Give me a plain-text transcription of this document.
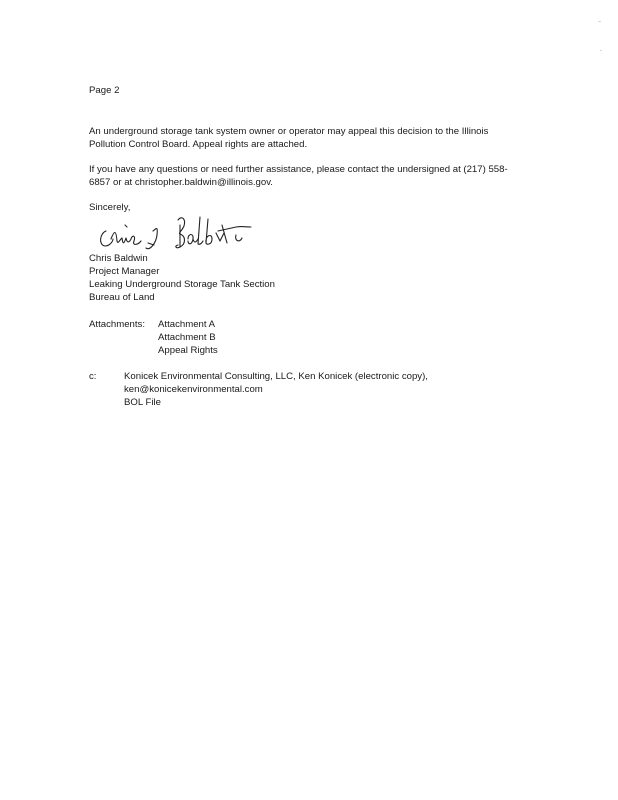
Page 2
An underground storage tank system owner or operator may appeal this decision to the Illinois
Pollution Control Board. Appeal rights are attached.
If you have any questions or need further assistance, please contact the undersigned at (217) 558-
6857 or at christopher.baldwin@illinois.gov.
Sincerely,
Chris Baldwin
Project Manager
Leaking Underground Storage Tank Section
Bureau of Land
Attachments: Attachment A
Attachment B
Appeal Rights
c:	Konicek Environmental Consulting, LLC, Ken Konicek (electronic copy),
ken@konicekenvironmental.com
BOL File
